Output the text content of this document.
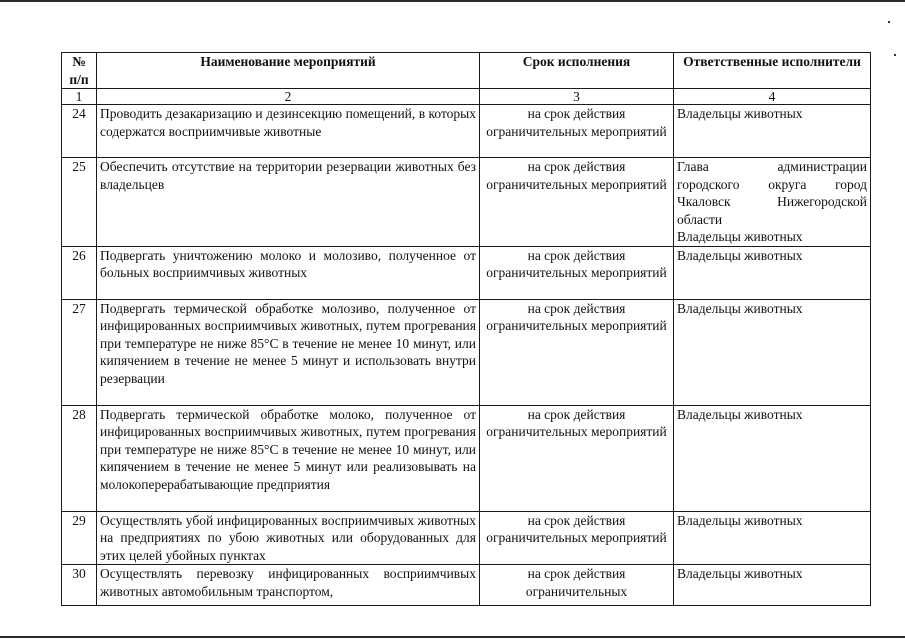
№ п/п	Наименование мероприятий	Срок исполнения	Ответственные исполнители
1	2	3	4
24	Проводить дезакаризацию и дезинсекцию помещений, в которых содержатся восприимчивые животные	на срок действия ограничительных мероприятий	Владельцы животных

25	Обеспечить отсутствие на территории резервации животных без владельцев	на срок действия ограничительных мероприятий	Глава администрации городского округа город Чкаловск Нижегородской области
Владельцы животных

26	Подвергать уничтожению молоко и молозиво, полученное от больных восприимчивых животных	на срок действия ограничительных мероприятий	Владельцы животных

27	Подвергать термической обработке молозиво, полученное от инфицированных восприимчивых животных, путем прогревания при температуре не ниже 85°С в течение не менее 10 минут, или кипячением в течение не менее 5 минут и использовать внутри резервации	на срок действия ограничительных мероприятий	Владельцы животных

28	Подвергать термической обработке молоко, полученное от инфицированных восприимчивых животных, путем прогревания при температуре не ниже 85°С в течение не менее 10 минут, или кипячением в течение не менее 5 минут или реализовывать на молокоперерабатывающие предприятия	на срок действия ограничительных мероприятий	Владельцы животных

29	Осуществлять убой инфицированных восприимчивых животных на предприятиях по убою животных или оборудованных для этих целей убойных пунктах	на срок действия ограничительных мероприятий	Владельцы животных

30	Осуществлять перевозку инфицированных восприимчивых животных автомобильным транспортом,	на срок действия ограничительных	Владельцы животных
